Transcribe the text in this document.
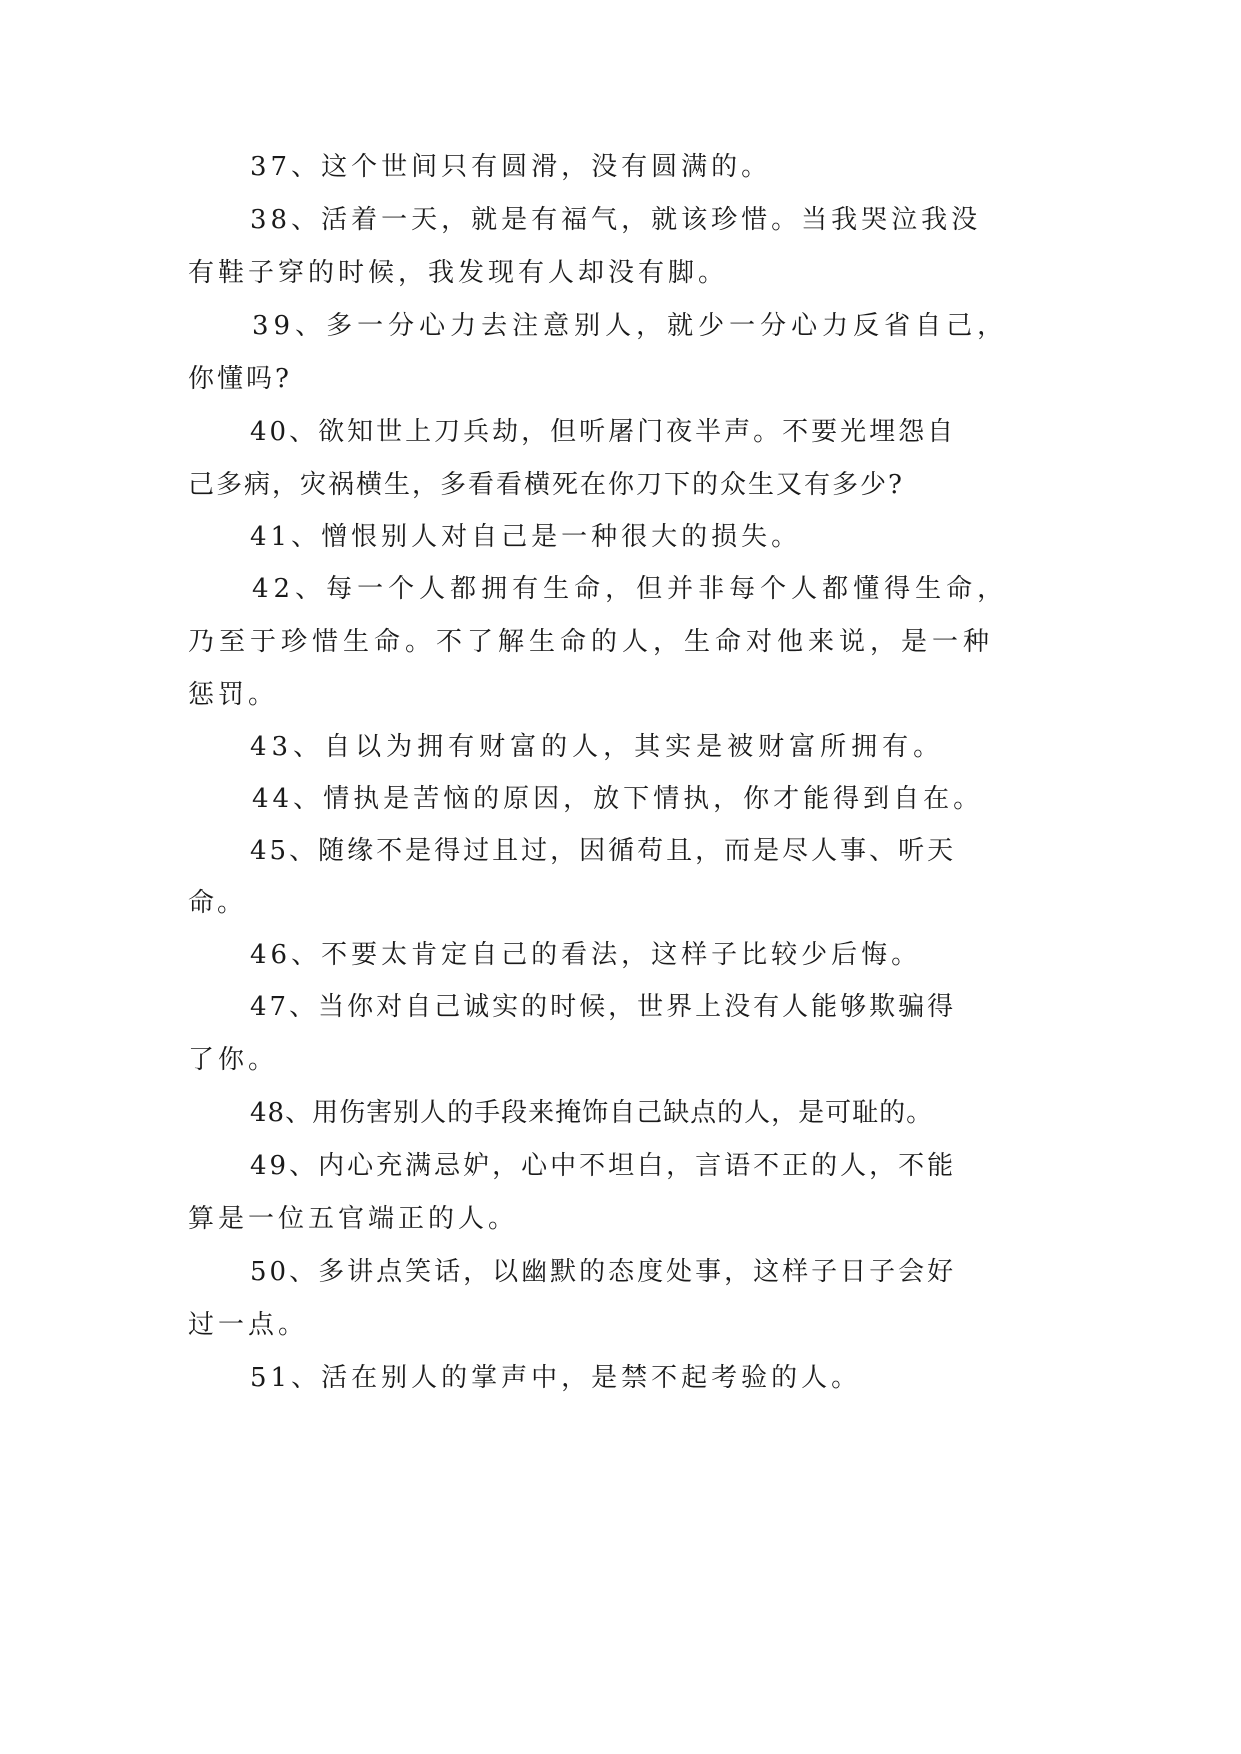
37、这个世间只有圆滑，没有圆满的。
38、活着一天，就是有福气，就该珍惜。当我哭泣我没
有鞋子穿的时候，我发现有人却没有脚。
39、多一分心力去注意别人，就少一分心力反省自己，
你懂吗?
40、欲知世上刀兵劫，但听屠门夜半声。不要光埋怨自
己多病，灾祸横生，多看看横死在你刀下的众生又有多少?
41、憎恨别人对自己是一种很大的损失。
42、每一个人都拥有生命，但并非每个人都懂得生命，
乃至于珍惜生命。不了解生命的人，生命对他来说，是一种
惩罚。
43、自以为拥有财富的人，其实是被财富所拥有。
44、情执是苦恼的原因，放下情执，你才能得到自在。
45、随缘不是得过且过，因循苟且，而是尽人事、听天
命。
46、不要太肯定自己的看法，这样子比较少后悔。
47、当你对自己诚实的时候，世界上没有人能够欺骗得
了你。
48、用伤害别人的手段来掩饰自己缺点的人，是可耻的。
49、内心充满忌妒，心中不坦白，言语不正的人，不能
算是一位五官端正的人。
50、多讲点笑话，以幽默的态度处事，这样子日子会好
过一点。
51、活在别人的掌声中，是禁不起考验的人。
